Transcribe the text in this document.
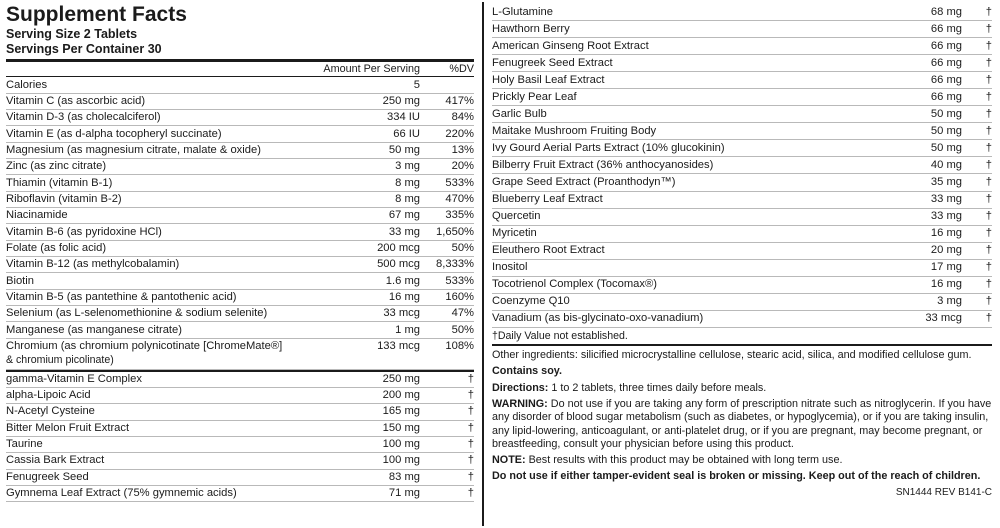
Supplement Facts
Serving Size 2 Tablets
Servings Per Container 30
	Amount Per Serving	%DV
Calories	5	
Vitamin C (as ascorbic acid)	250 mg	417%
Vitamin D-3 (as cholecalciferol)	334 IU	84%
Vitamin E (as d-alpha tocopheryl succinate)	66 IU	220%
Magnesium (as magnesium citrate, malate & oxide)	50 mg	13%
Zinc (as zinc citrate)	3 mg	20%
Thiamin (vitamin B-1)	8 mg	533%
Riboflavin (vitamin B-2)	8 mg	470%
Niacinamide	67 mg	335%
Vitamin B-6 (as pyridoxine HCl)	33 mg	1,650%
Folate (as folic acid)	200 mcg	50%
Vitamin B-12 (as methylcobalamin)	500 mcg	8,333%
Biotin	1.6 mg	533%
Vitamin B-5 (as pantethine & pantothenic acid)	16 mg	160%
Selenium (as L-selenomethionine & sodium selenite)	33 mcg	47%
Manganese (as manganese citrate)	1 mg	50%
Chromium (as chromium polynicotinate [ChromeMate®]	133 mcg	108%
& chromium picolinate)		
gamma-Vitamin E Complex	250 mg	†
alpha-Lipoic Acid	200 mg	†
N-Acetyl Cysteine	165 mg	†
Bitter Melon Fruit Extract	150 mg	†
Taurine	100 mg	†
Cassia Bark Extract	100 mg	†
Fenugreek Seed	83 mg	†
Gymnema Leaf Extract (75% gymnemic acids)	71 mg	†
L-Glutamine	68 mg	†
Hawthorn Berry	66 mg	†
American Ginseng Root Extract	66 mg	†
Fenugreek Seed Extract	66 mg	†
Holy Basil Leaf Extract	66 mg	†
Prickly Pear Leaf	66 mg	†
Garlic Bulb	50 mg	†
Maitake Mushroom Fruiting Body	50 mg	†
Ivy Gourd Aerial Parts Extract (10% glucokinin)	50 mg	†
Bilberry Fruit Extract (36% anthocyanosides)	40 mg	†
Grape Seed Extract (Proanthodyn™)	35 mg	†
Blueberry Leaf Extract	33 mg	†
Quercetin	33 mg	†
Myricetin	16 mg	†
Eleuthero Root Extract	20 mg	†
Inositol	17 mg	†
Tocotrienol Complex (Tocomax®)	16 mg	†
Coenzyme Q10	3 mg	†
Vanadium (as bis-glycinato-oxo-vanadium)	33 mcg	†
†Daily Value not established.
Other ingredients: silicified microcrystalline cellulose, stearic acid, silica, and modified cellulose gum.
Contains soy.
Directions: 1 to 2 tablets, three times daily before meals.
WARNING: Do not use if you are taking any form of prescription nitrate such as nitroglycerin. If you have any disorder of blood sugar metabolism (such as diabetes, or hypoglycemia), or if you are taking insulin, any lipid-lowering, anticoagulant, or anti-platelet drug, or if you are pregnant, may become pregnant, or breastfeeding, consult your physician before using this product.
NOTE: Best results with this product may be obtained with long term use.
Do not use if either tamper-evident seal is broken or missing. Keep out of the reach of children.
SN1444 REV B141-C
